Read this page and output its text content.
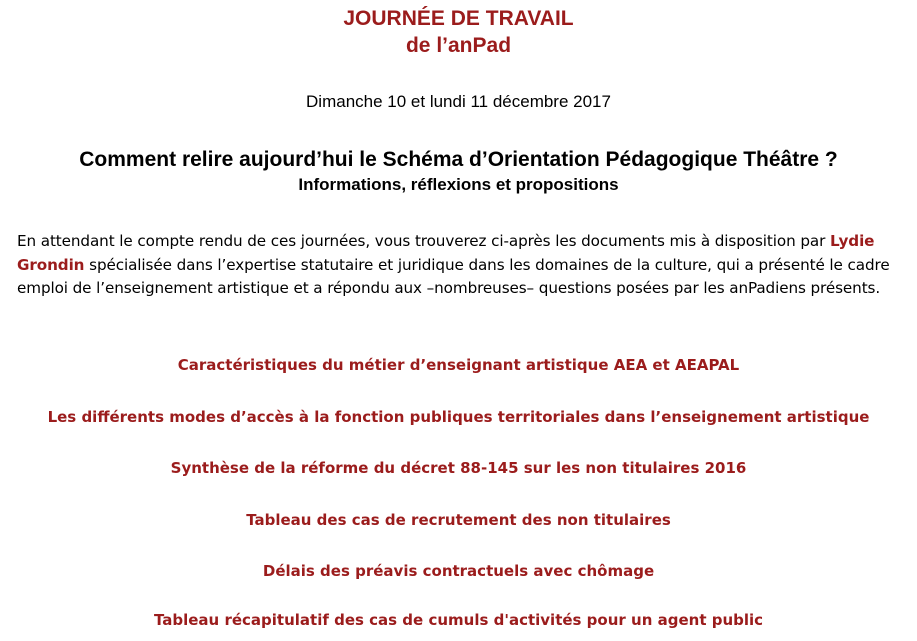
JOURNÉE DE TRAVAIL
de l’anPad
Dimanche 10 et lundi 11 décembre 2017
Comment relire aujourd’hui le Schéma d’Orientation Pédagogique Théâtre ?
Informations, réflexions et propositions

En attendant le compte rendu de ces journées, vous trouverez ci-après les documents mis à disposition par Lydie Grondin spécialisée dans l’expertise statutaire et juridique dans les domaines de la culture, qui a présenté le cadre emploi de l’enseignement artistique et a répondu aux –nombreuses– questions posées par les anPadiens présents.

Caractéristiques du métier d’enseignant artistique AEA et AEAPAL
Les différents modes d’accès à la fonction publiques territoriales dans l’enseignement artistique
Synthèse de la réforme du décret 88-145 sur les non titulaires 2016
Tableau des cas de recrutement des non titulaires
Délais des préavis contractuels avec chômage
Tableau récapitulatif des cas de cumuls d'activités pour un agent public
